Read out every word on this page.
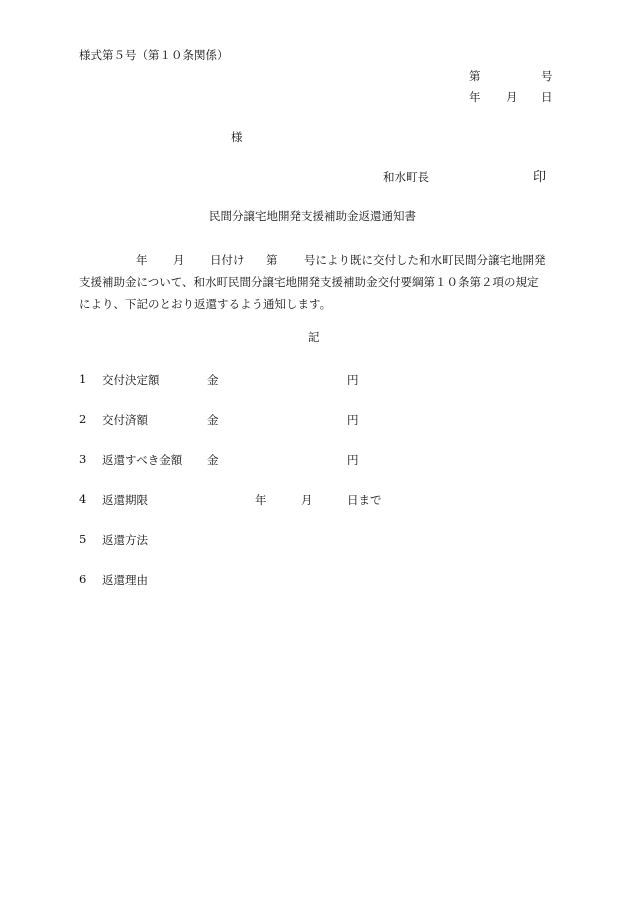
様式第５号（第１０条関係）
第	号
年 月 日
様
和水町長	印
民間分譲宅地開発支援補助金返還通知書
年 月 日付け 第 号により既に交付した和水町民間分譲宅地開発
支援補助金について、和水町民間分譲宅地開発支援補助金交付要綱第１０条第２項の規定
により、下記のとおり返還するよう通知します。
記
1 交付決定額	金	円
2 交付済額	金	円
3 返還すべき金額 金	円
4 返還期限	年	月	日まで
5 返還方法
6 返還理由
